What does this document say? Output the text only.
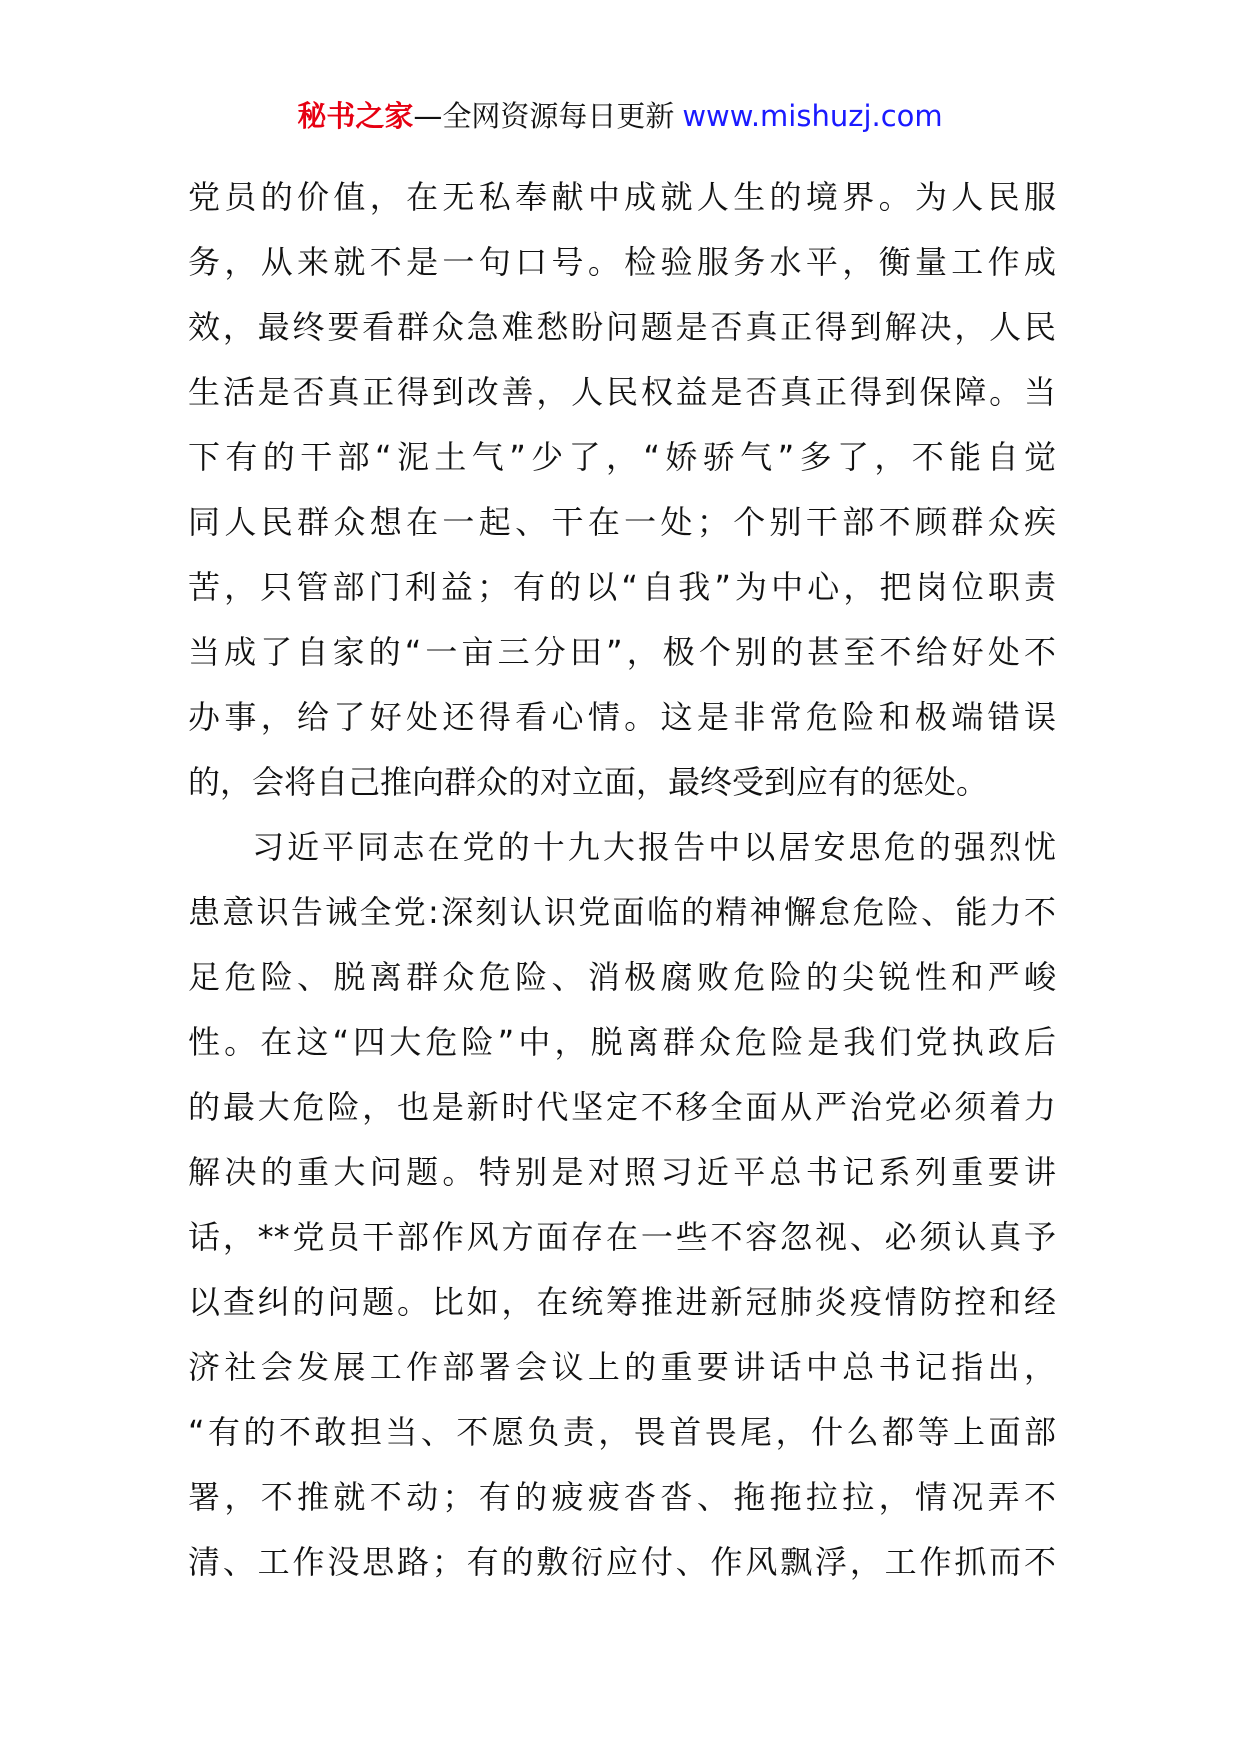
秘书之家—全网资源每日更新 www.mishuzj.com
党员的价值，在无私奉献中成就人生的境界。为人民服
务，从来就不是一句口号。检验服务水平，衡量工作成
效，最终要看群众急难愁盼问题是否真正得到解决，人民
生活是否真正得到改善，人民权益是否真正得到保障。当
下有的干部“泥土气”少了，“娇骄气”多了，不能自觉
同人民群众想在一起、干在一处；个别干部不顾群众疾
苦，只管部门利益；有的以“自我”为中心，把岗位职责
当成了自家的“一亩三分田”，极个别的甚至不给好处不
办事，给了好处还得看心情。这是非常危险和极端错误
的，会将自己推向群众的对立面，最终受到应有的惩处。
习近平同志在党的十九大报告中以居安思危的强烈忧
患意识告诫全党:深刻认识党面临的精神懈怠危险、能力不
足危险、脱离群众危险、消极腐败危险的尖锐性和严峻
性。在这“四大危险”中，脱离群众危险是我们党执政后
的最大危险，也是新时代坚定不移全面从严治党必须着力
解决的重大问题。特别是对照习近平总书记系列重要讲
话，**党员干部作风方面存在一些不容忽视、必须认真予
以查纠的问题。比如，在统筹推进新冠肺炎疫情防控和经
济社会发展工作部署会议上的重要讲话中总书记指出，
“有的不敢担当、不愿负责，畏首畏尾，什么都等上面部
署，不推就不动；有的疲疲沓沓、拖拖拉拉，情况弄不
清、工作没思路；有的敷衍应付、作风飘浮，工作抓而不
